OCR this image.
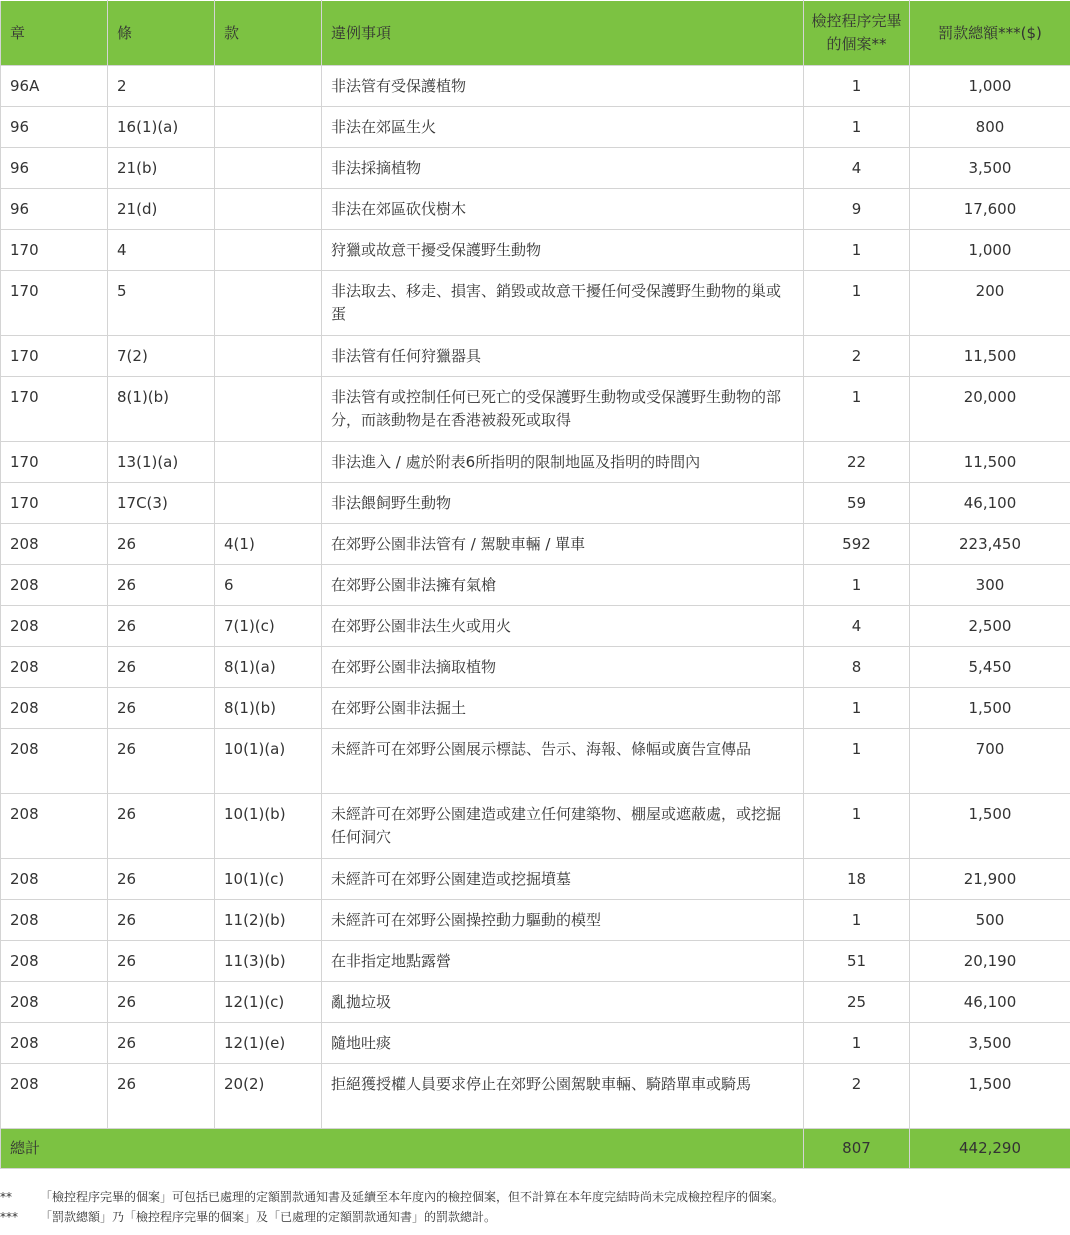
章	條	款	違例事項	檢控程序完畢的個案**	罰款總額***($)
96A	2		非法管有受保護植物	1	1,000
96	16(1)(a)		非法在郊區生火	1	800
96	21(b)		非法採摘植物	4	3,500
96	21(d)		非法在郊區砍伐樹木	9	17,600
170	4		狩獵或故意干擾受保護野生動物	1	1,000
170	5		非法取去、移走、損害、銷毀或故意干擾任何受保護野生動物的巢或蛋	1	200
170	7(2)		非法管有任何狩獵器具	2	11,500
170	8(1)(b)		非法管有或控制任何已死亡的受保護野生動物或受保護野生動物的部分，而該動物是在香港被殺死或取得	1	20,000
170	13(1)(a)		非法進入 / 處於附表6所指明的限制地區及指明的時間內	22	11,500
170	17C(3)		非法餵飼野生動物	59	46,100
208	26	4(1)	在郊野公園非法管有 / 駕駛車輛 / 單車	592	223,450
208	26	6	在郊野公園非法擁有氣槍	1	300
208	26	7(1)(c)	在郊野公園非法生火或用火	4	2,500
208	26	8(1)(a)	在郊野公園非法摘取植物	8	5,450
208	26	8(1)(b)	在郊野公園非法掘土	1	1,500
208	26	10(1)(a)	未經許可在郊野公園展示標誌、告示、海報、條幅或廣告宣傳品	1	700
208	26	10(1)(b)	未經許可在郊野公園建造或建立任何建築物、棚屋或遮蔽處，或挖掘任何洞穴	1	1,500
208	26	10(1)(c)	未經許可在郊野公園建造或挖掘墳墓	18	21,900
208	26	11(2)(b)	未經許可在郊野公園操控動力驅動的模型	1	500
208	26	11(3)(b)	在非指定地點露營	51	20,190
208	26	12(1)(c)	亂拋垃圾	25	46,100
208	26	12(1)(e)	隨地吐痰	1	3,500
208	26	20(2)	拒絕獲授權人員要求停止在郊野公園駕駛車輛、騎踏單車或騎馬	2	1,500
總計				807	442,290
**	「檢控程序完畢的個案」可包括已處理的定額罰款通知書及延續至本年度內的檢控個案，但不計算在本年度完結時尚未完成檢控程序的個案。
***	「罰款總額」乃「檢控程序完畢的個案」及「已處理的定額罰款通知書」的罰款總計。
